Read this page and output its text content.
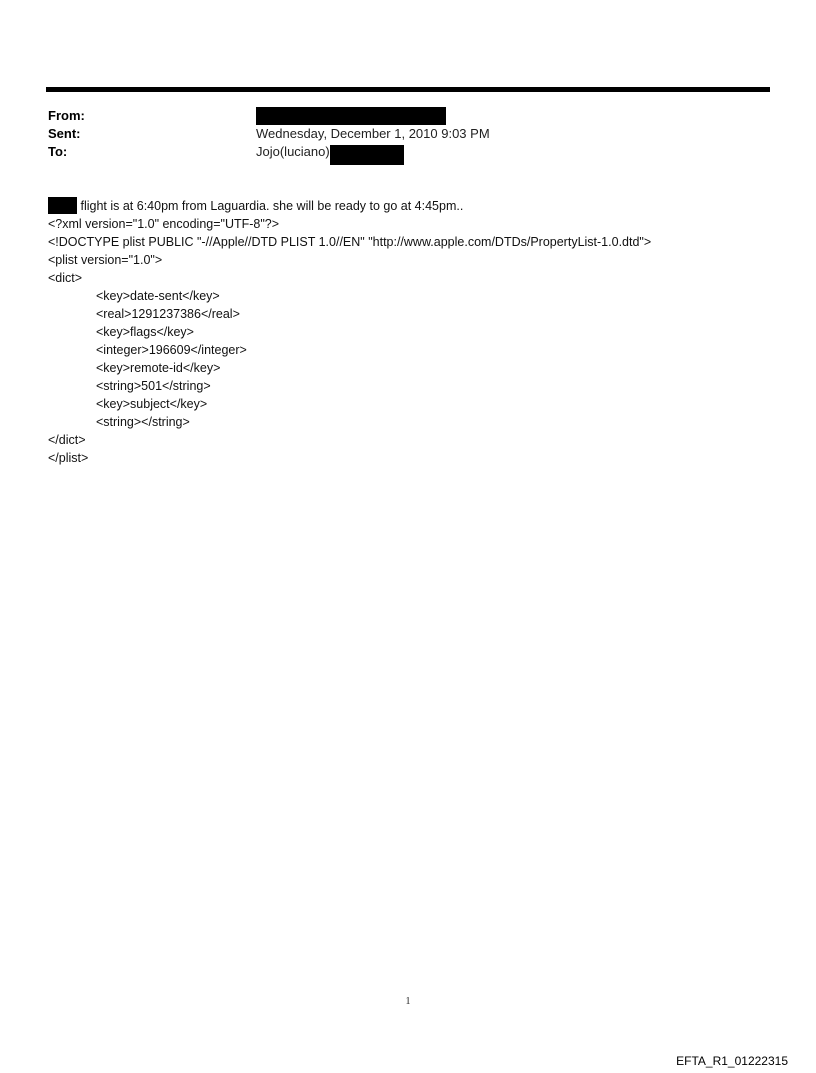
From:
Sent:	Wednesday, December 1, 2010 9:03 PM
To:	Jojo(luciano)
flight is at 6:40pm from Laguardia. she will be ready to go at 4:45pm..
<?xml version="1.0" encoding="UTF-8"?>
<!DOCTYPE plist PUBLIC "-//Apple//DTD PLIST 1.0//EN" "http://www.apple.com/DTDs/PropertyList-1.0.dtd">
<plist version="1.0">
<dict>
<key>date-sent</key>
<real>1291237386</real>
<key>flags</key>
<integer>196609</integer>
<key>remote-id</key>
<string>501</string>
<key>subject</key>
<string></string>
</dict>
</plist>
1
EFTA_R1_01222315
